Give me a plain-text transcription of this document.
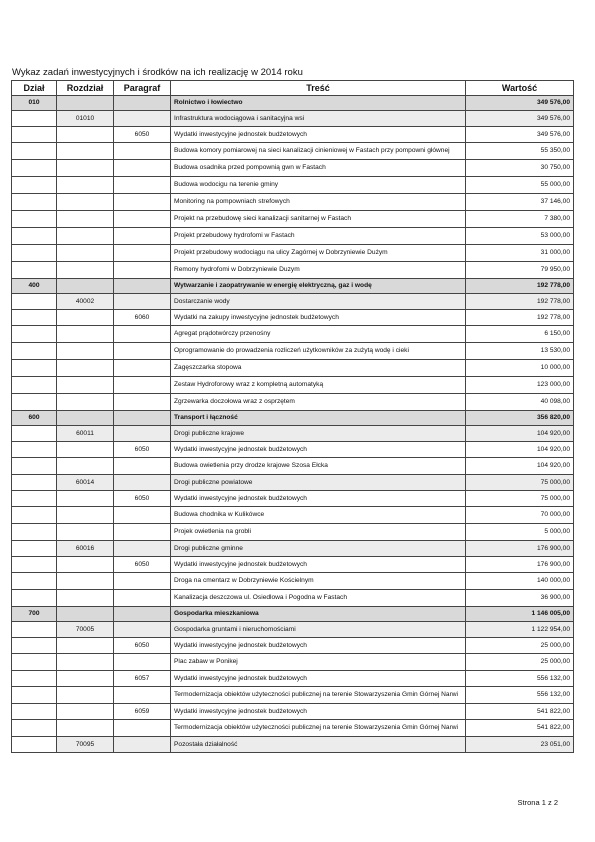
Wykaz zadań inwestycyjnych i środków na ich realizację w 2014 roku
Dział	Rozdział	Paragraf	Treść	Wartość
010			Rolnictwo i łowiectwo	349 576,00
	01010		Infrastruktura wodociągowa i sanitacyjna wsi	349 576,00
		6050	Wydatki inwestycyjne jednostek budżetowych	349 576,00
			Budowa komory pomiarowej na sieci kanalizacji cinieniowej w Fastach przy pompowni głównej	55 350,00
			Budowa osadnika przed pompownią gwn w Fastach	30 750,00
			Budowa wodocigu na terenie gminy	55 000,00
			Monitoring na pompowniach strefowych	37 146,00
			Projekt na przebudowę sieci kanalizacji sanitarnej w Fastach	7 380,00
			Projekt przebudowy hydrofomi w Fastach	53 000,00
			Projekt przebudowy wodociągu na ulicy Zagórnej w Dobrzyniewie Dużym	31 000,00
			Remony hydrofomi w Dobrzyniewie Duzym	79 950,00
400			Wytwarzanie i zaopatrywanie w energię elektryczną, gaz i wodę	192 778,00
	40002		Dostarczanie wody	192 778,00
		6060	Wydatki na zakupy inwestycyjne jednostek budżetowych	192 778,00
			Agregat prądotwórczy przenośny	6 150,00
			Oprogramowanie do prowadzenia rozliczeń użytkowników za zużytą wodę i cieki	13 530,00
			Zagęszczarka stopowa	10 000,00
			Zestaw Hydroforowy wraz z kompletną automatyką	123 000,00
			Zgrzewarka doczołowa wraz z osprzętem	40 098,00
600			Transport i łączność	356 820,00
	60011		Drogi publiczne krajowe	104 920,00
		6050	Wydatki inwestycyjne jednostek budżetowych	104 920,00
			Budowa owietlenia przy drodze krajowe Szosa Ełcka	104 920,00
	60014		Drogi publiczne powiatowe	75 000,00
		6050	Wydatki inwestycyjne jednostek budżetowych	75 000,00
			Budowa chodnika w Kulikówce	70 000,00
			Projek owietlenia na grobli	5 000,00
	60016		Drogi publiczne gminne	176 900,00
		6050	Wydatki inwestycyjne jednostek budżetowych	176 900,00
			Droga na cmentarz w Dobrzyniewie Kościelnym	140 000,00
			Kanalizacja deszczowa ul. Osiedlowa i Pogodna w Fastach	36 900,00
700			Gospodarka mieszkaniowa	1 146 005,00
	70005		Gospodarka gruntami i nieruchomościami	1 122 954,00
		6050	Wydatki inwestycyjne jednostek budżetowych	25 000,00
			Plac zabaw w Ponikej	25 000,00
		6057	Wydatki inwestycyjne jednostek budżetowych	556 132,00
			Termodernizacja obiektów użyteczności publicznej na terenie Stowarzyszenia Gmin Górnej Narwi	556 132,00
		6059	Wydatki inwestycyjne jednostek budżetowych	541 822,00
			Termodernizacja obiektów użyteczności publicznej na terenie Stowarzyszenia Gmin Górnej Narwi	541 822,00
	70095		Pozostała działalność	23 051,00
Strona 1 z 2
